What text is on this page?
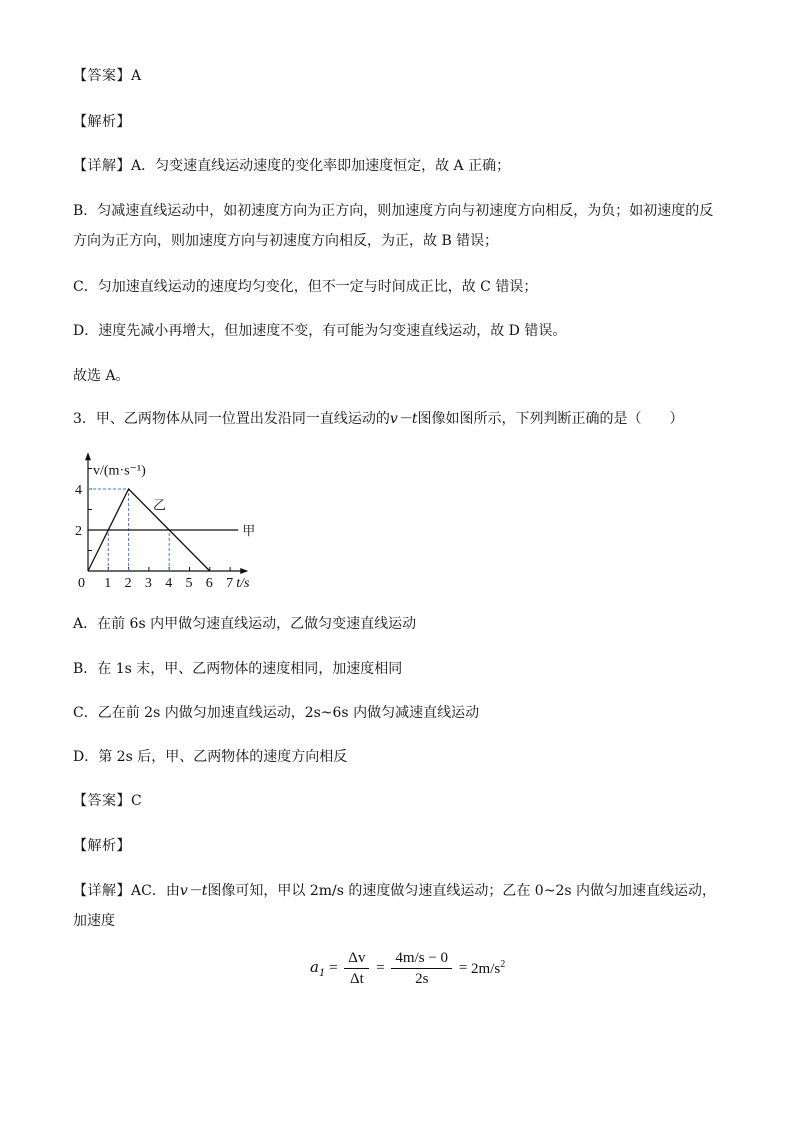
【答案】A
【解析】
【详解】A．匀变速直线运动速度的变化率即加速度恒定，故 A 正确；
B．匀减速直线运动中，如初速度方向为正方向，则加速度方向与初速度方向相反，为负；如初速度的反方向为正方向，则加速度方向与初速度方向相反，为正，故 B 错误；
C．匀加速直线运动的速度均匀变化，但不一定与时间成正比，故 C 错误；
D．速度先减小再增大，但加速度不变，有可能为匀变速直线运动，故 D 错误。
故选 A。
3．甲、乙两物体从同一位置出发沿同一直线运动的v－t图像如图所示，下列判断正确的是（　　）
1 2 3 4 5 6 7
2
4
0
v/(m·s⁻¹)
t/s
甲
乙
A．在前 6s 内甲做匀速直线运动，乙做匀变速直线运动
B．在 1s 末，甲、乙两物体的速度相同，加速度相同
C．乙在前 2s 内做匀加速直线运动，2s~6s 内做匀减速直线运动
D．第 2s 后，甲、乙两物体的速度方向相反
【答案】C
【解析】
【详解】AC．由v－t图像可知，甲以 2m/s 的速度做匀速直线运动；乙在 0~2s 内做匀加速直线运动，加速度
$a_1 = \frac{\Delta v}{\Delta t} = \frac{4m/s - 0}{2s} = 2m/s^2$
